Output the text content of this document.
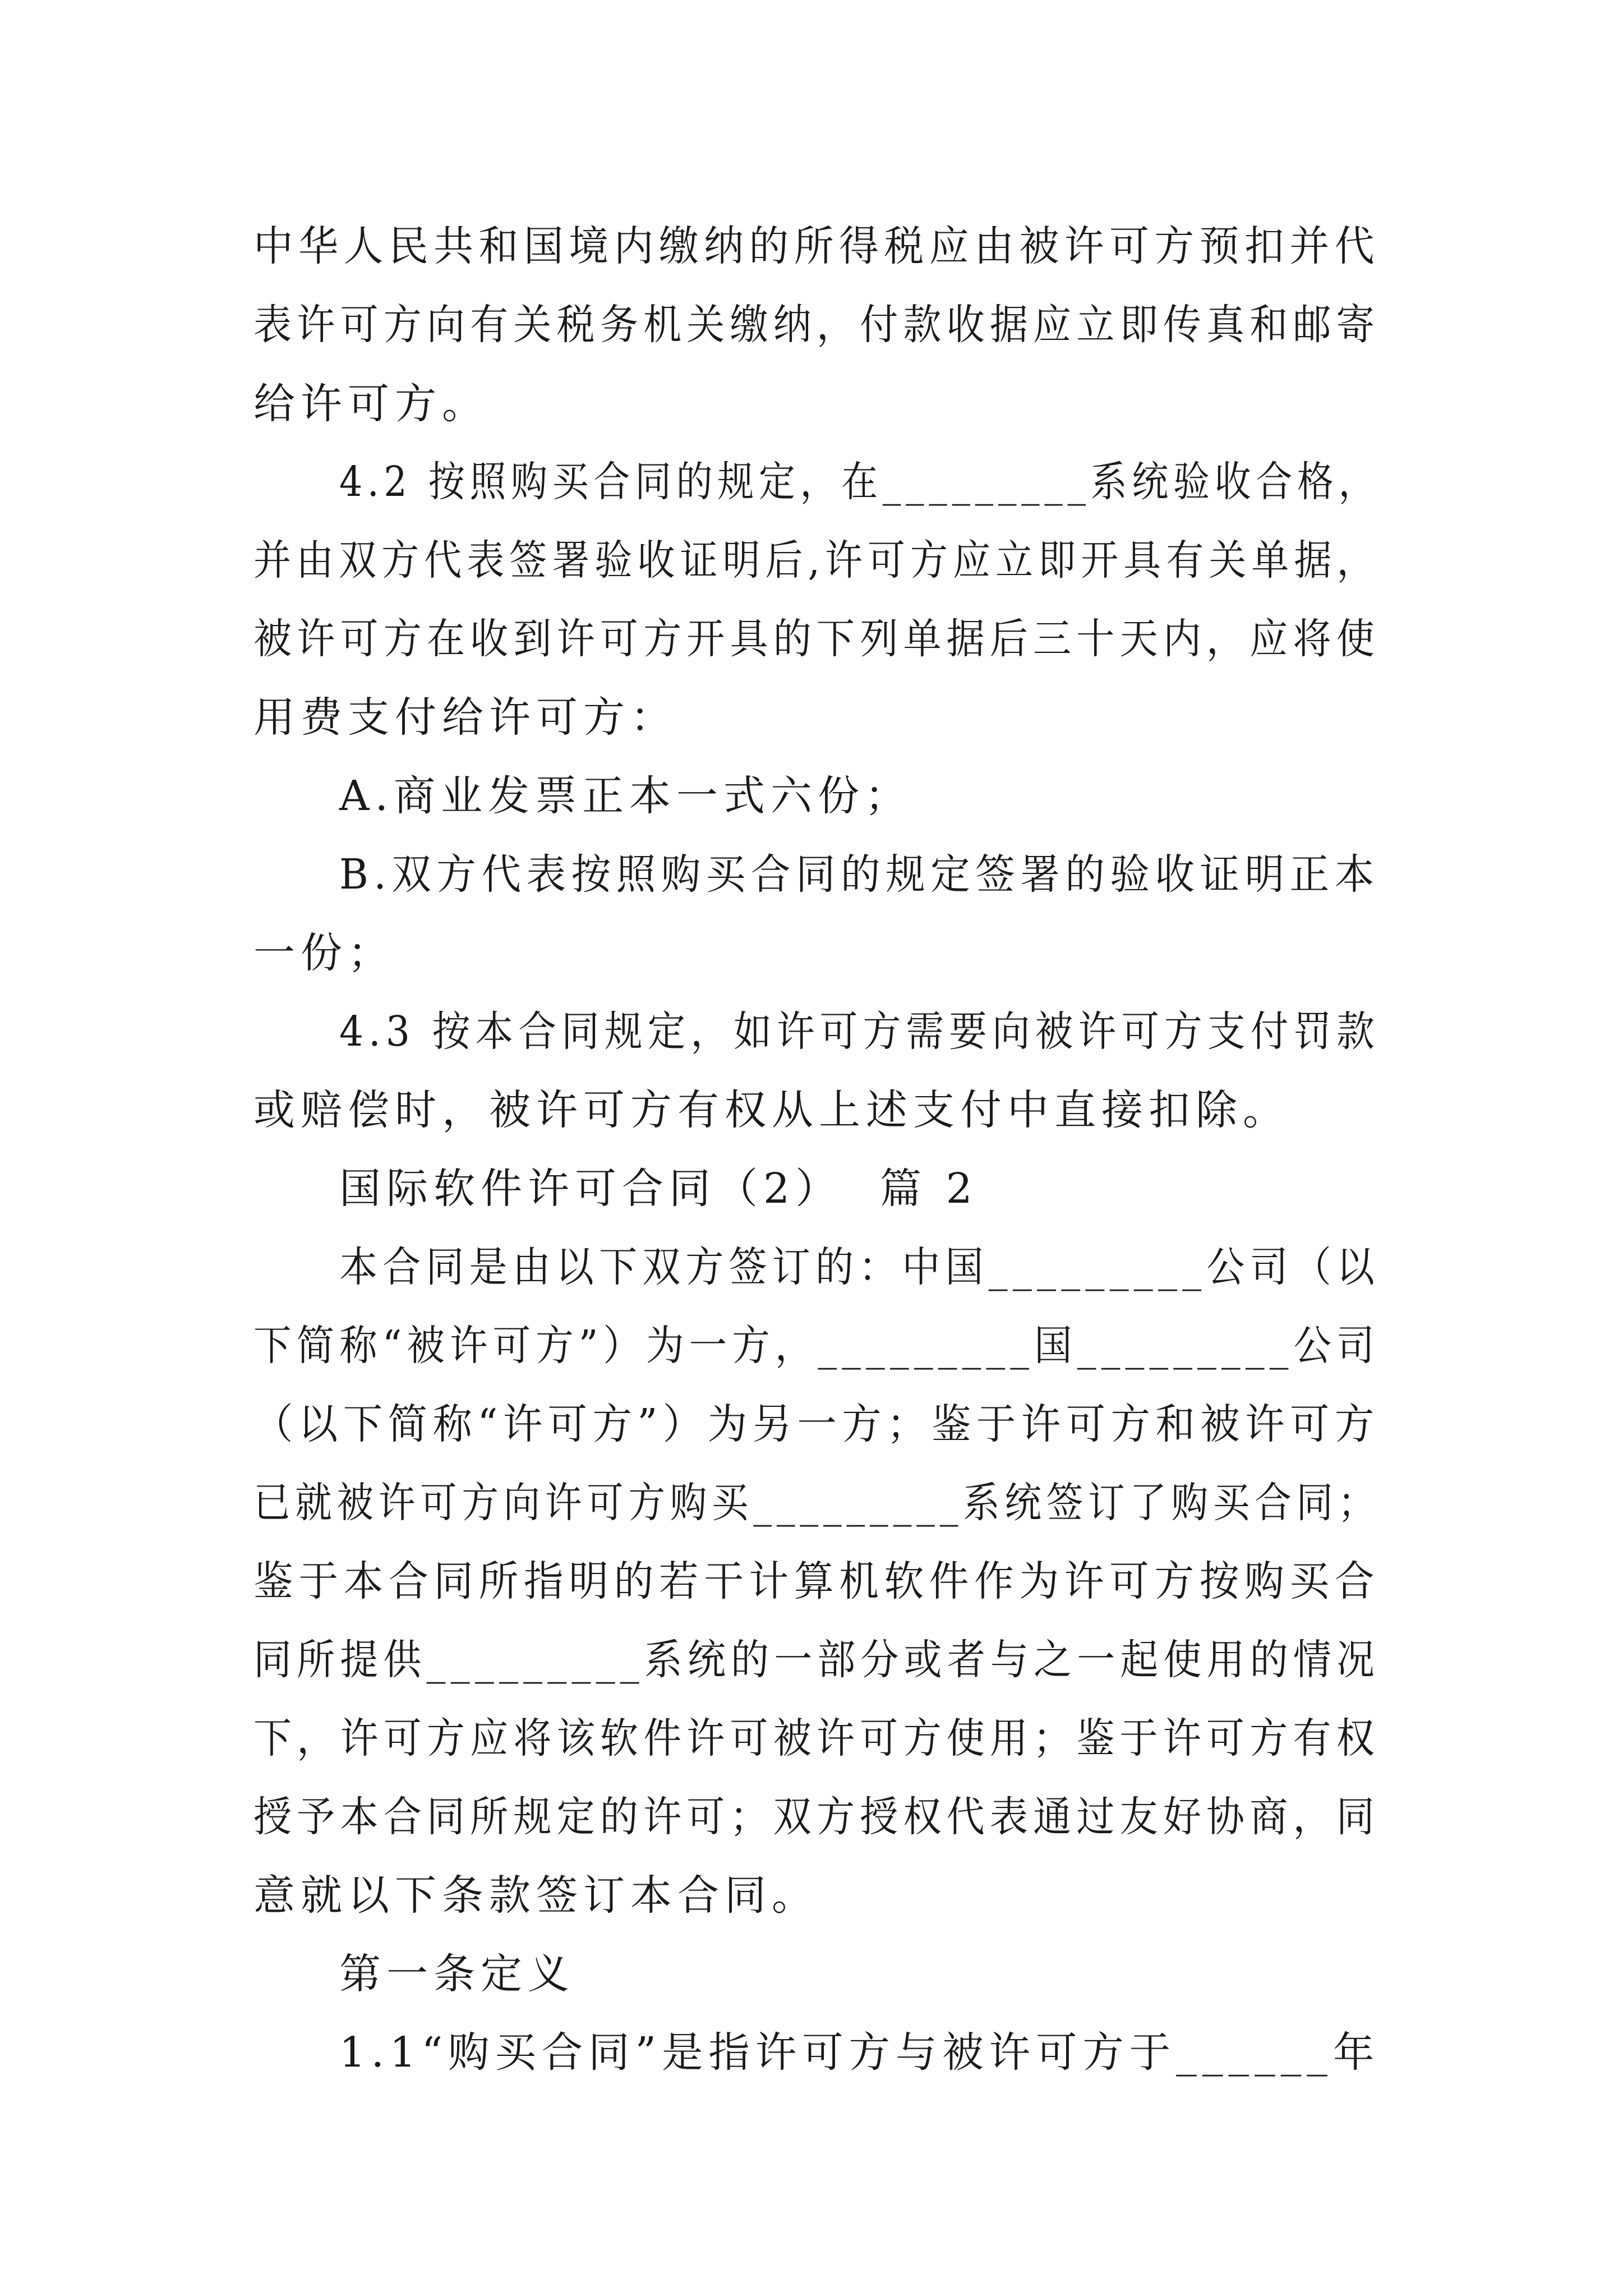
中华人民共和国境内缴纳的所得税应由被许可方预扣并代
表许可方向有关税务机关缴纳，付款收据应立即传真和邮寄
给许可方。
4.2 按照购买合同的规定，在_________系统验收合格，
并由双方代表签署验收证明后,许可方应立即开具有关单据，
被许可方在收到许可方开具的下列单据后三十天内，应将使
用费支付给许可方：
A.商业发票正本一式六份；
B.双方代表按照购买合同的规定签署的验收证明正本
一份；
4.3 按本合同规定，如许可方需要向被许可方支付罚款
或赔偿时，被许可方有权从上述支付中直接扣除。
国际软件许可合同（2）  篇 2
本合同是由以下双方签订的：中国_________公司（以
下简称“被许可方”）为一方，_________国_________公司
（以下简称“许可方”）为另一方；鉴于许可方和被许可方
已就被许可方向许可方购买_________系统签订了购买合同；
鉴于本合同所指明的若干计算机软件作为许可方按购买合
同所提供_________系统的一部分或者与之一起使用的情况
下，许可方应将该软件许可被许可方使用；鉴于许可方有权
授予本合同所规定的许可；双方授权代表通过友好协商，同
意就以下条款签订本合同。
第一条定义
1.1“购买合同”是指许可方与被许可方于______年
